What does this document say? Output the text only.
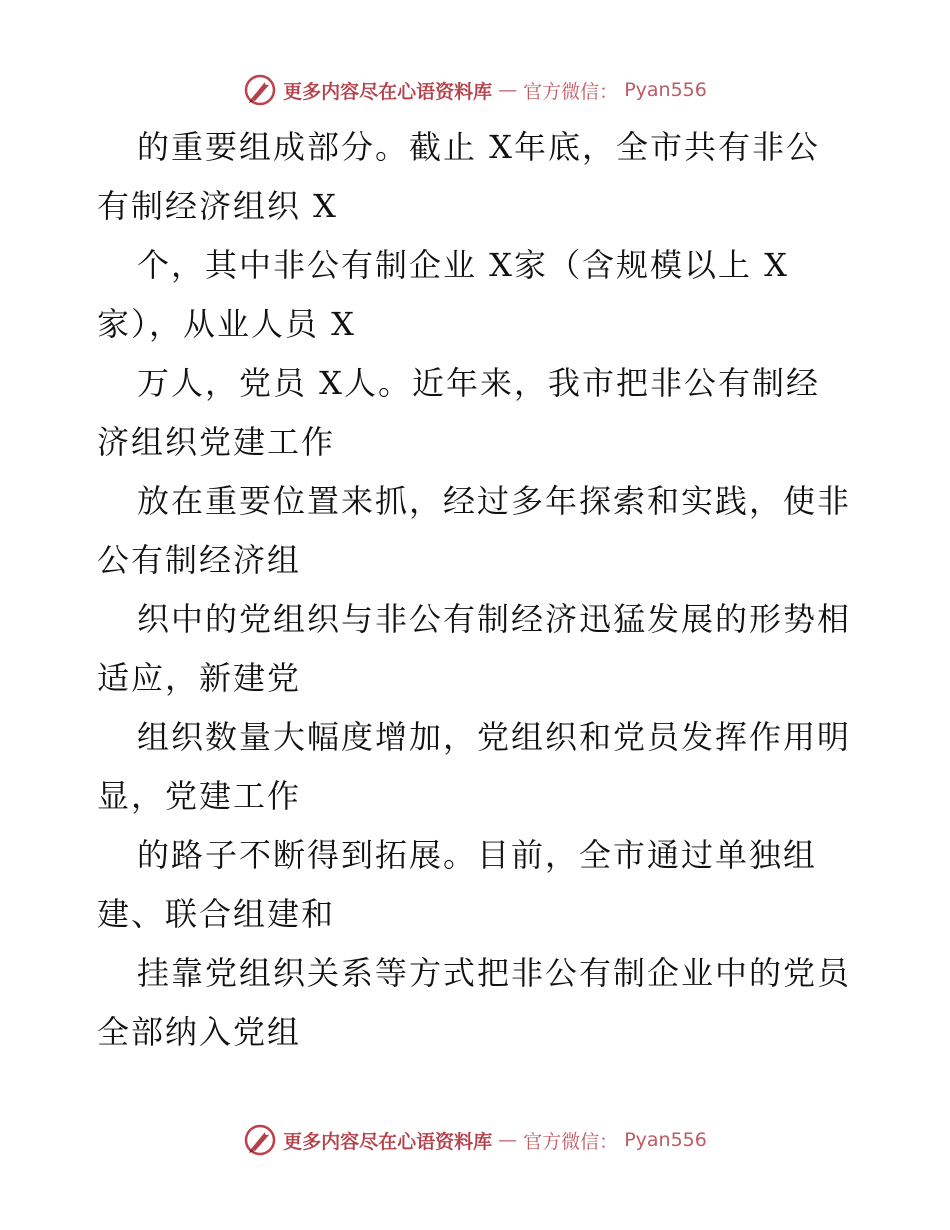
更多内容尽在心语资料库 — 官方微信： Pyan556
的重要组成部分。截止 X年底，全市共有非公
有制经济组织 X
个，其中非公有制企业 X家（含规模以上 X
家），从业人员 X
万人，党员 X人。近年来，我市把非公有制经
济组织党建工作
放在重要位置来抓，经过多年探索和实践，使非
公有制经济组
织中的党组织与非公有制经济迅猛发展的形势相
适应，新建党
组织数量大幅度增加，党组织和党员发挥作用明
显，党建工作
的路子不断得到拓展。目前，全市通过单独组
建、联合组建和
挂靠党组织关系等方式把非公有制企业中的党员
全部纳入党组
更多内容尽在心语资料库 — 官方微信： Pyan556
